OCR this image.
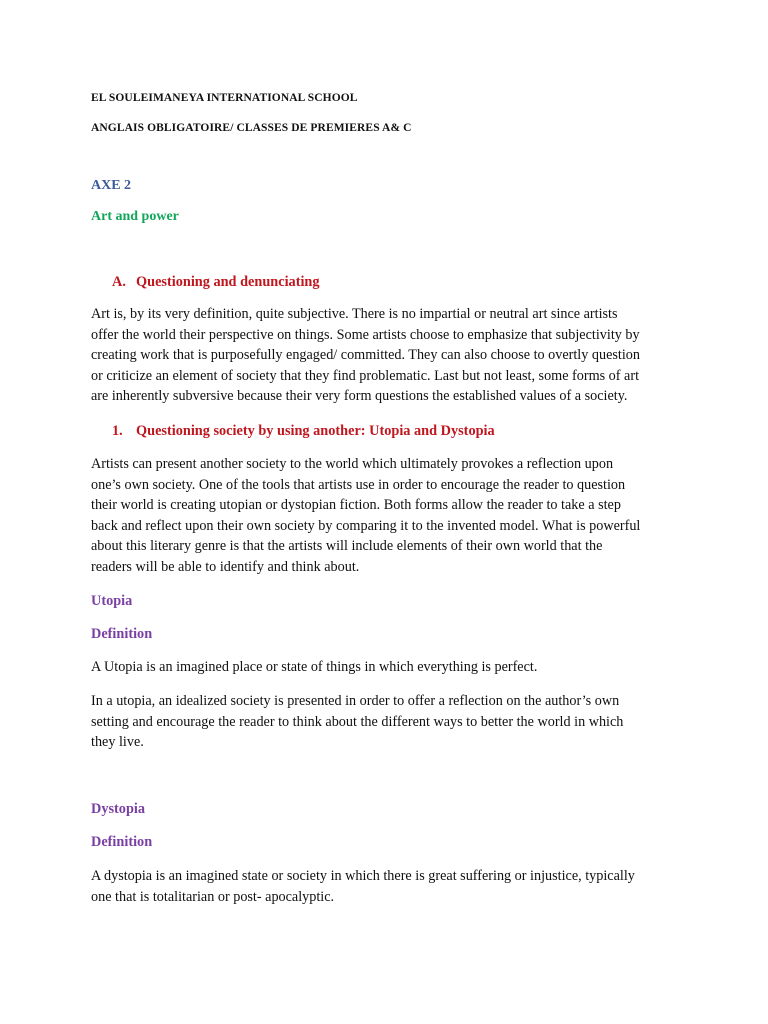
EL SOULEIMANEYA INTERNATIONAL SCHOOL
ANGLAIS OBLIGATOIRE/ CLASSES DE PREMIERES A& C
AXE 2
Art and power
A. Questioning and denunciating
Art is, by its very definition, quite subjective. There is no impartial or neutral art since artists
offer the world their perspective on things. Some artists choose to emphasize that subjectivity by
creating work that is purposefully engaged/ committed. They can also choose to overtly question
or criticize an element of society that they find problematic. Last but not least, some forms of art
are inherently subversive because their very form questions the established values of a society.
1. Questioning society by using another: Utopia and Dystopia
Artists can present another society to the world which ultimately provokes a reflection upon
one’s own society. One of the tools that artists use in order to encourage the reader to question
their world is creating utopian or dystopian fiction. Both forms allow the reader to take a step
back and reflect upon their own society by comparing it to the invented model. What is powerful
about this literary genre is that the artists will include elements of their own world that the
readers will be able to identify and think about.
Utopia
Definition
A Utopia is an imagined place or state of things in which everything is perfect.
In a utopia, an idealized society is presented in order to offer a reflection on the author’s own
setting and encourage the reader to think about the different ways to better the world in which
they live.
Dystopia
Definition
A dystopia is an imagined state or society in which there is great suffering or injustice, typically
one that is totalitarian or post- apocalyptic.
